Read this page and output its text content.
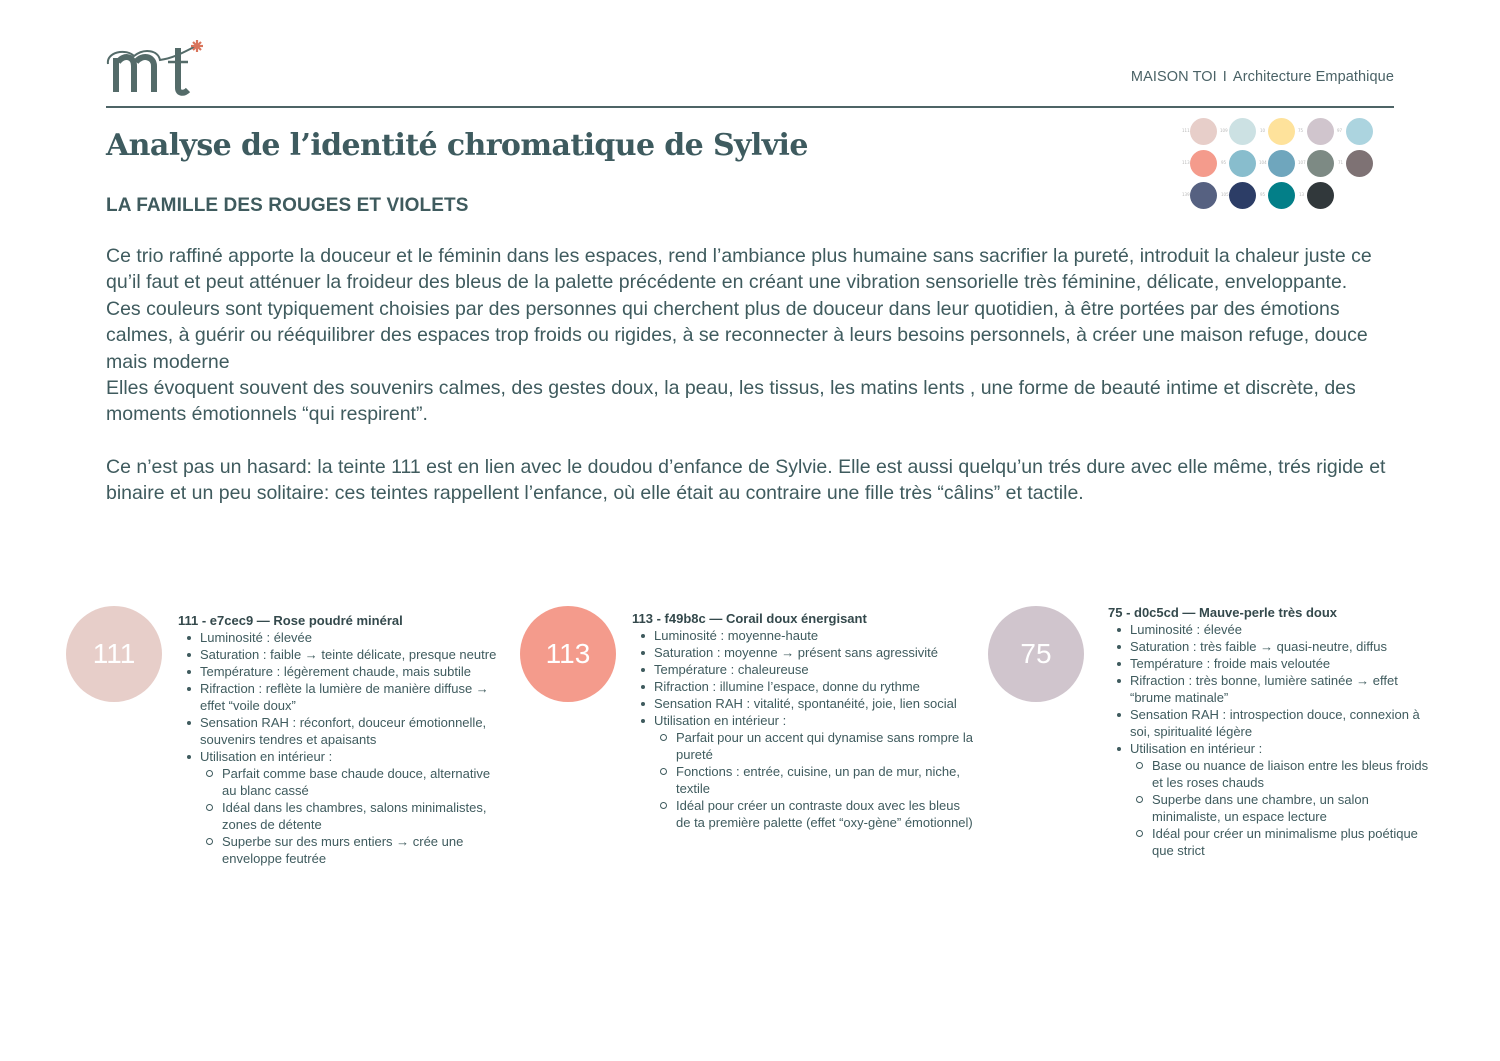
MAISON TOI I Architecture Empathique
Analyse de l’identité chromatique de Sylvie
LA FAMILLE DES ROUGES ET VIOLETS
111	109	10	75	97
113	95	104	107	71
139	105	95	13

Ce trio raffiné apporte la douceur et le féminin dans les espaces, rend l’ambiance plus humaine sans sacrifier la pureté, introduit la chaleur juste ce qu’il faut et peut atténuer la froideur des bleus de la palette précédente en créant une vibration sensorielle très féminine, délicate, enveloppante.

Ces couleurs sont typiquement choisies par des personnes qui cherchent plus de douceur dans leur quotidien, à être portées par des émotions calmes, à guérir ou rééquilibrer des espaces trop froids ou rigides, à se reconnecter à leurs besoins personnels, à créer une maison refuge, douce mais moderne

Elles évoquent souvent des souvenirs calmes, des gestes doux, la peau, les tissus, les matins lents , une forme de beauté intime et discrète, des moments émotionnels “qui respirent”.

Ce n’est pas un hasard: la teinte 111 est en lien avec le doudou d’enfance de Sylvie. Elle est aussi quelqu’un trés dure avec elle même, trés rigide et binaire et un peu solitaire: ces teintes rappellent l’enfance, où elle était au contraire une fille très “câlins” et tactile.

111
111 - e7cec9 — Rose poudré minéral
Luminosité : élevée
Saturation : faible → teinte délicate, presque neutre
Température : légèrement chaude, mais subtile
Rifraction : reflète la lumière de manière diffuse → effet “voile doux”
Sensation RAH : réconfort, douceur émotionnelle, souvenirs tendres et apaisants
Utilisation en intérieur :
Parfait comme base chaude douce, alternative au blanc cassé
Idéal dans les chambres, salons minimalistes, zones de détente
Superbe sur des murs entiers → crée une enveloppe feutrée
113
113 - f49b8c — Corail doux énergisant
Luminosité : moyenne-haute
Saturation : moyenne → présent sans agressivité
Température : chaleureuse
Rifraction : illumine l’espace, donne du rythme
Sensation RAH : vitalité, spontanéité, joie, lien social
Utilisation en intérieur :
Parfait pour un accent qui dynamise sans rompre la pureté
Fonctions : entrée, cuisine, un pan de mur, niche, textile
Idéal pour créer un contraste doux avec les bleus de ta première palette (effet “oxy-gène” émotionnel)
75
75 - d0c5cd — Mauve-perle très doux
Luminosité : élevée
Saturation : très faible → quasi-neutre, diffus
Température : froide mais veloutée
Rifraction : très bonne, lumière satinée → effet “brume matinale”
Sensation RAH : introspection douce, connexion à soi, spiritualité légère
Utilisation en intérieur :
Base ou nuance de liaison entre les bleus froids et les roses chauds
Superbe dans une chambre, un salon minimaliste, un espace lecture
Idéal pour créer un minimalisme plus poétique que strict
